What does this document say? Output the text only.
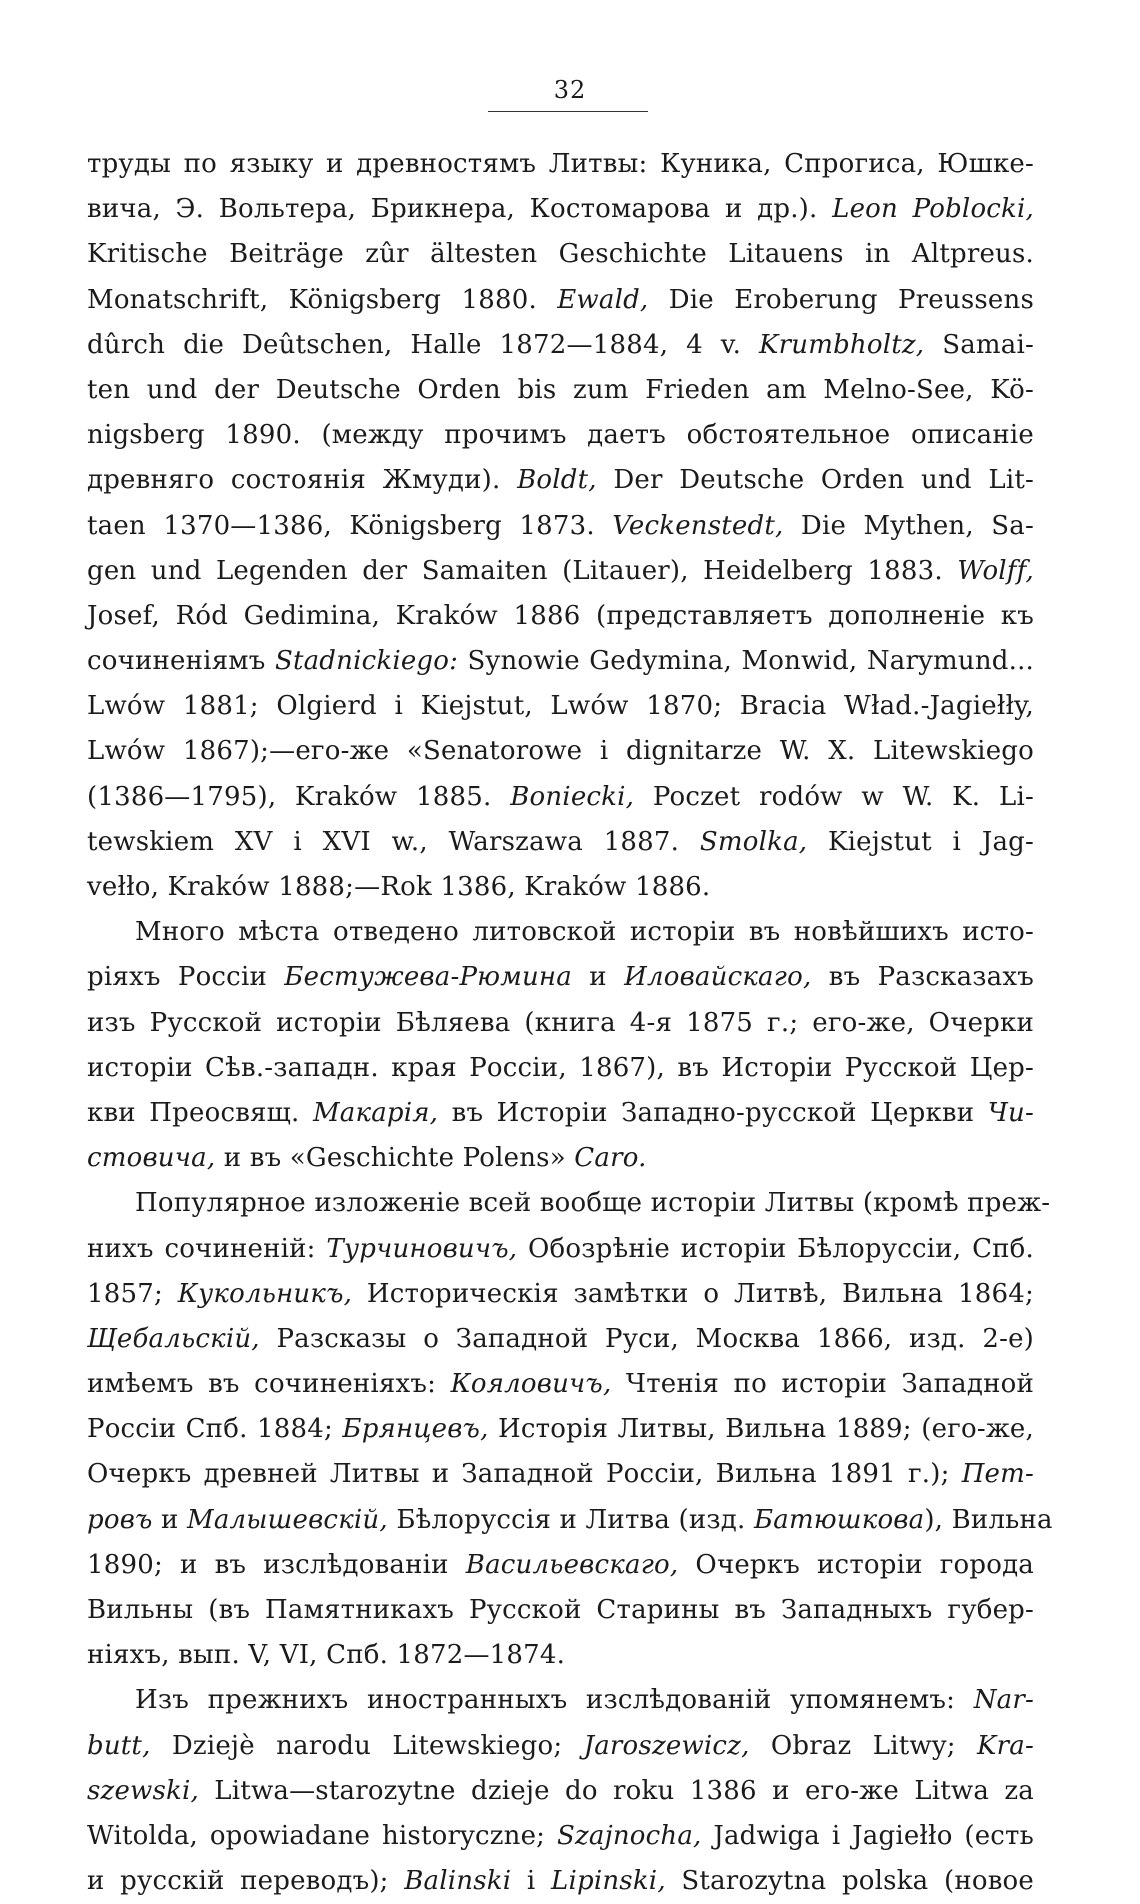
32
труды по языку и древностямъ Литвы: Куника, Спрогиса, Юшке-
вича, Э. Вольтера, Брикнера, Костомарова и др.). Leon Poblocki,
Kritische Beiträge zûr ältesten Geschichte Litauens in Altpreus.
Monatschrift, Königsberg 1880. Ewald, Die Eroberung Preussens
dûrch die Deûtschen, Halle 1872—1884, 4 v. Krumbholtz, Samai-
ten und der Deutsche Orden bis zum Frieden am Melno-See, Kö-
nigsberg 1890. (между прочимъ даетъ обстоятельное описаніе
древняго состоянія Жмуди). Boldt, Der Deutsche Orden und Lit-
taen 1370—1386, Königsberg 1873. Veckenstedt, Die Mythen, Sa-
gen und Legenden der Samaiten (Litauer), Heidelberg 1883. Wolff,
Josef, Ród Gedimina, Kraków 1886 (представляетъ дополненіе къ
сочиненіямъ Stadnickiego: Synowie Gedymina, Monwid, Narymund...
Lwów 1881; Olgierd i Kiejstut, Lwów 1870; Bracia Wład.-Jagiełły,
Lwów 1867);—его-же «Senatorowe i dignitarze W. X. Litewskiego
(1386—1795), Kraków 1885. Boniecki, Poczet rodów w W. K. Li-
tewskiem XV i XVI w., Warszawa 1887. Smolka, Kiejstut i Jag-
vełło, Kraków 1888;—Rok 1386, Kraków 1886.
Много мѣста отведено литовской исторіи въ новѣйшихъ исто-
ріяхъ Россіи Бестужева-Рюмина и Иловайскаго, въ Разсказахъ
изъ Русской исторіи Бѣляева (книга 4-я 1875 г.; его-же, Очерки
исторіи Сѣв.-западн. края Россіи, 1867), въ Исторіи Русской Цер-
кви Преосвящ. Макарія, въ Исторіи Западно-русской Церкви Чи-
стовича, и въ «Geschichte Polens» Caro.
Популярное изложеніе всей вообще исторіи Литвы (кромѣ преж-
нихъ сочиненій: Турчиновичъ, Обозрѣніе исторіи Бѣлоруссіи, Спб.
1857; Кукольникъ, Историческія замѣтки о Литвѣ, Вильна 1864;
Щебальскій, Разсказы о Западной Руси, Москва 1866, изд. 2-е)
имѣемъ въ сочиненіяхъ: Кояловичъ, Чтенія по исторіи Западной
Россіи Спб. 1884; Брянцевъ, Исторія Литвы, Вильна 1889; (его-же,
Очеркъ древней Литвы и Западной Россіи, Вильна 1891 г.); Пет-
ровъ и Малышевскій, Бѣлоруссія и Литва (изд. Батюшкова), Вильна
1890; и въ изслѣдованіи Васильевскаго, Очеркъ исторіи города
Вильны (въ Памятникахъ Русской Старины въ Западныхъ губер-
ніяхъ, вып. V, VI, Спб. 1872—1874.
Изъ прежнихъ иностранныхъ изслѣдованій упомянемъ: Nar-
butt, Dziejè narodu Litewskiego; Jaroszewicz, Obraz Litwy; Kra-
szewski, Litwa—starozytne dzieje do roku 1386 и его-же Litwa za
Witolda, opowiadane historyczne; Szajnocha, Jadwiga i Jagiełło (есть
и русскій переводъ); Balinski i Lipinski, Starozytna polska (новое
